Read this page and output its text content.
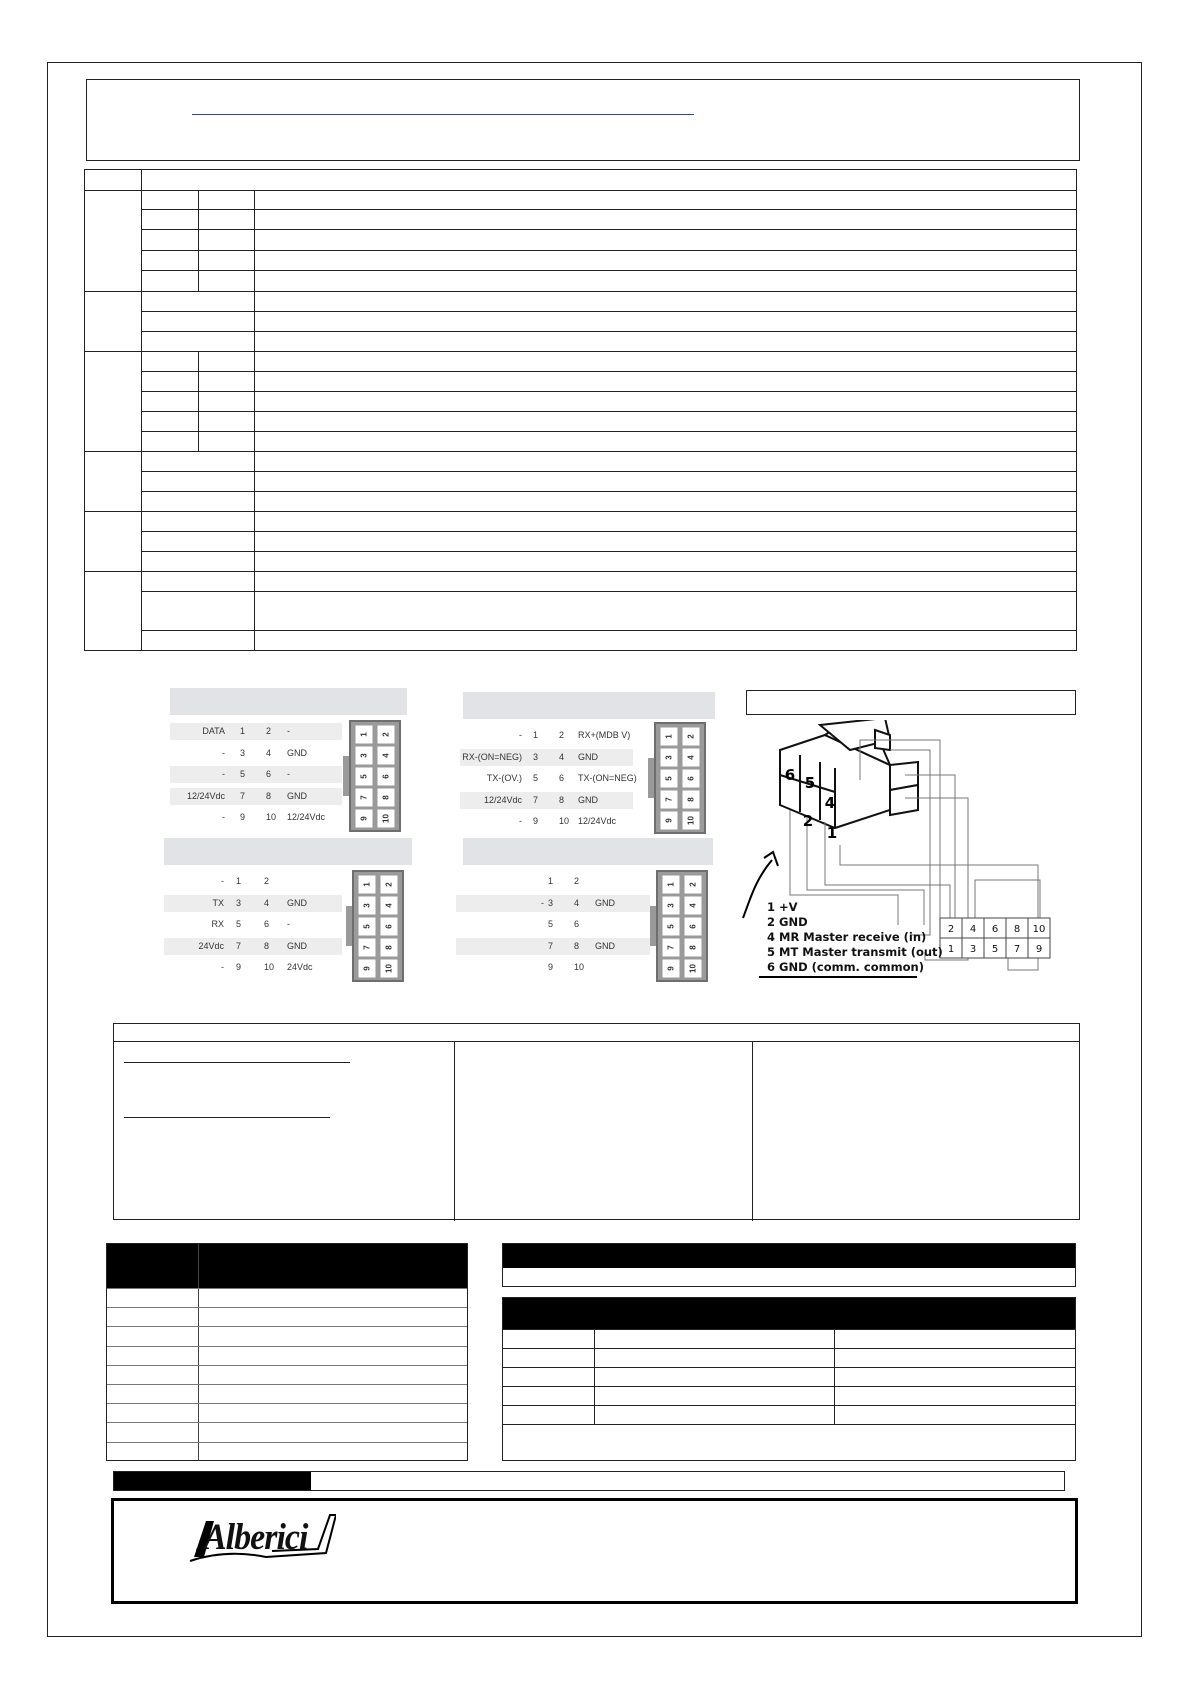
DATA 1 2 -
- 3 4 GND
- 5 6 -
12/24Vdc 7 8 GND
- 9 10 12/24Vdc
1	2
3	4
5	6
7	8
9	10
- 1 2 RX+(MDB V)
RX-(ON=NEG) 3 4 GND
TX-(OV.) 5 6 TX-(ON=NEG)
12/24Vdc 7 8 GND
- 9 10 12/24Vdc
1	2
3	4
5	6
7	8
9	10
- 1	2
TX 3	4 GND
RX 5	6 -
24Vdc 7	8 GND
- 9	10 24Vdc
1	2
3	4
5	6
7	8
9	10
1 2
- 3 4 GND
5 6
7 8 GND
9 10
1	2
3	4
5	6
7	8
9	10
2 4 6 8 10
1 3 5 7 9
6 5
4
2
1
1 +V
2 GND
4 MR Master receive (in)
5 MT Master transmit (out)
6 GND (comm. common)
Alberici
